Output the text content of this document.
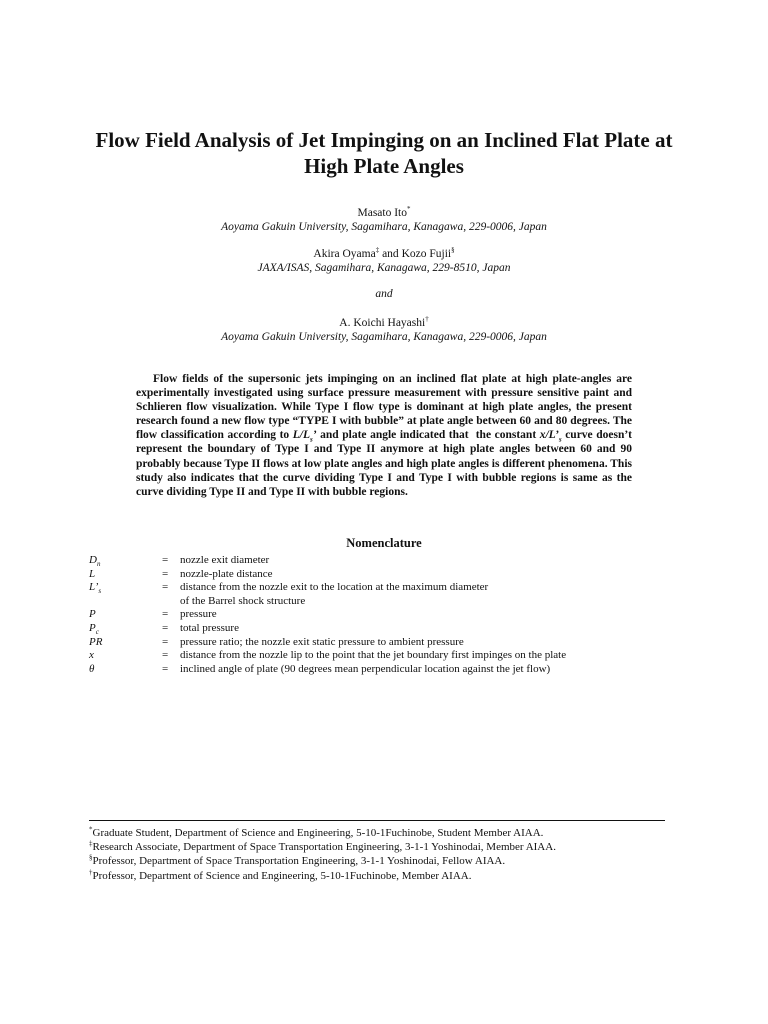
Flow Field Analysis of Jet Impinging on an Inclined Flat Plate at High Plate Angles
Masato Ito*
Aoyama Gakuin University, Sagamihara, Kanagawa, 229-0006, Japan
Akira Oyama‡ and Kozo Fujii§
JAXA/ISAS, Sagamihara, Kanagawa, 229-8510, Japan
and
A. Koichi Hayashi†
Aoyama Gakuin University, Sagamihara, Kanagawa, 229-0006, Japan

Flow fields of the supersonic jets impinging on an inclined flat plate at high plate-angles are experimentally investigated using surface pressure measurement with pressure sensitive paint and Schlieren flow visualization. While Type I flow type is dominant at high plate angles, the present research found a new flow type “TYPE I with bubble” at plate angle between 60 and 80 degrees. The flow classification according to $L/L_s$’ and plate angle indicated that  the constant $x/L’_s$ curve doesn’t represent the boundary of Type I and Type II anymore at high plate angles between 60 and 90 probably because Type II flows at low plate angles and high plate angles is different phenomena. This study also indicates that the curve dividing Type I and Type I with bubble regions is same as the curve dividing Type II and Type II with bubble regions.

Nomenclature
$D_n$	=	nozzle exit diameter
L	=	nozzle-plate distance
$L’_s$	=	distance from the nozzle exit to the location at the maximum diameter
of the Barrel shock structure

P	=	pressure
$P_c$	=	total pressure
PR	=	pressure ratio; the nozzle exit static pressure to ambient pressure
x	=	distance from the nozzle lip to the point that the jet boundary first impinges on the plate
θ	=	inclined angle of plate (90 degrees mean perpendicular location against the jet flow)
*Graduate Student, Department of Science and Engineering, 5-10-1Fuchinobe, Student Member AIAA.
‡Research Associate, Department of Space Transportation Engineering, 3-1-1 Yoshinodai, Member AIAA.
§Professor, Department of Space Transportation Engineering, 3-1-1 Yoshinodai, Fellow AIAA.
†Professor, Department of Science and Engineering, 5-10-1Fuchinobe, Member AIAA.
